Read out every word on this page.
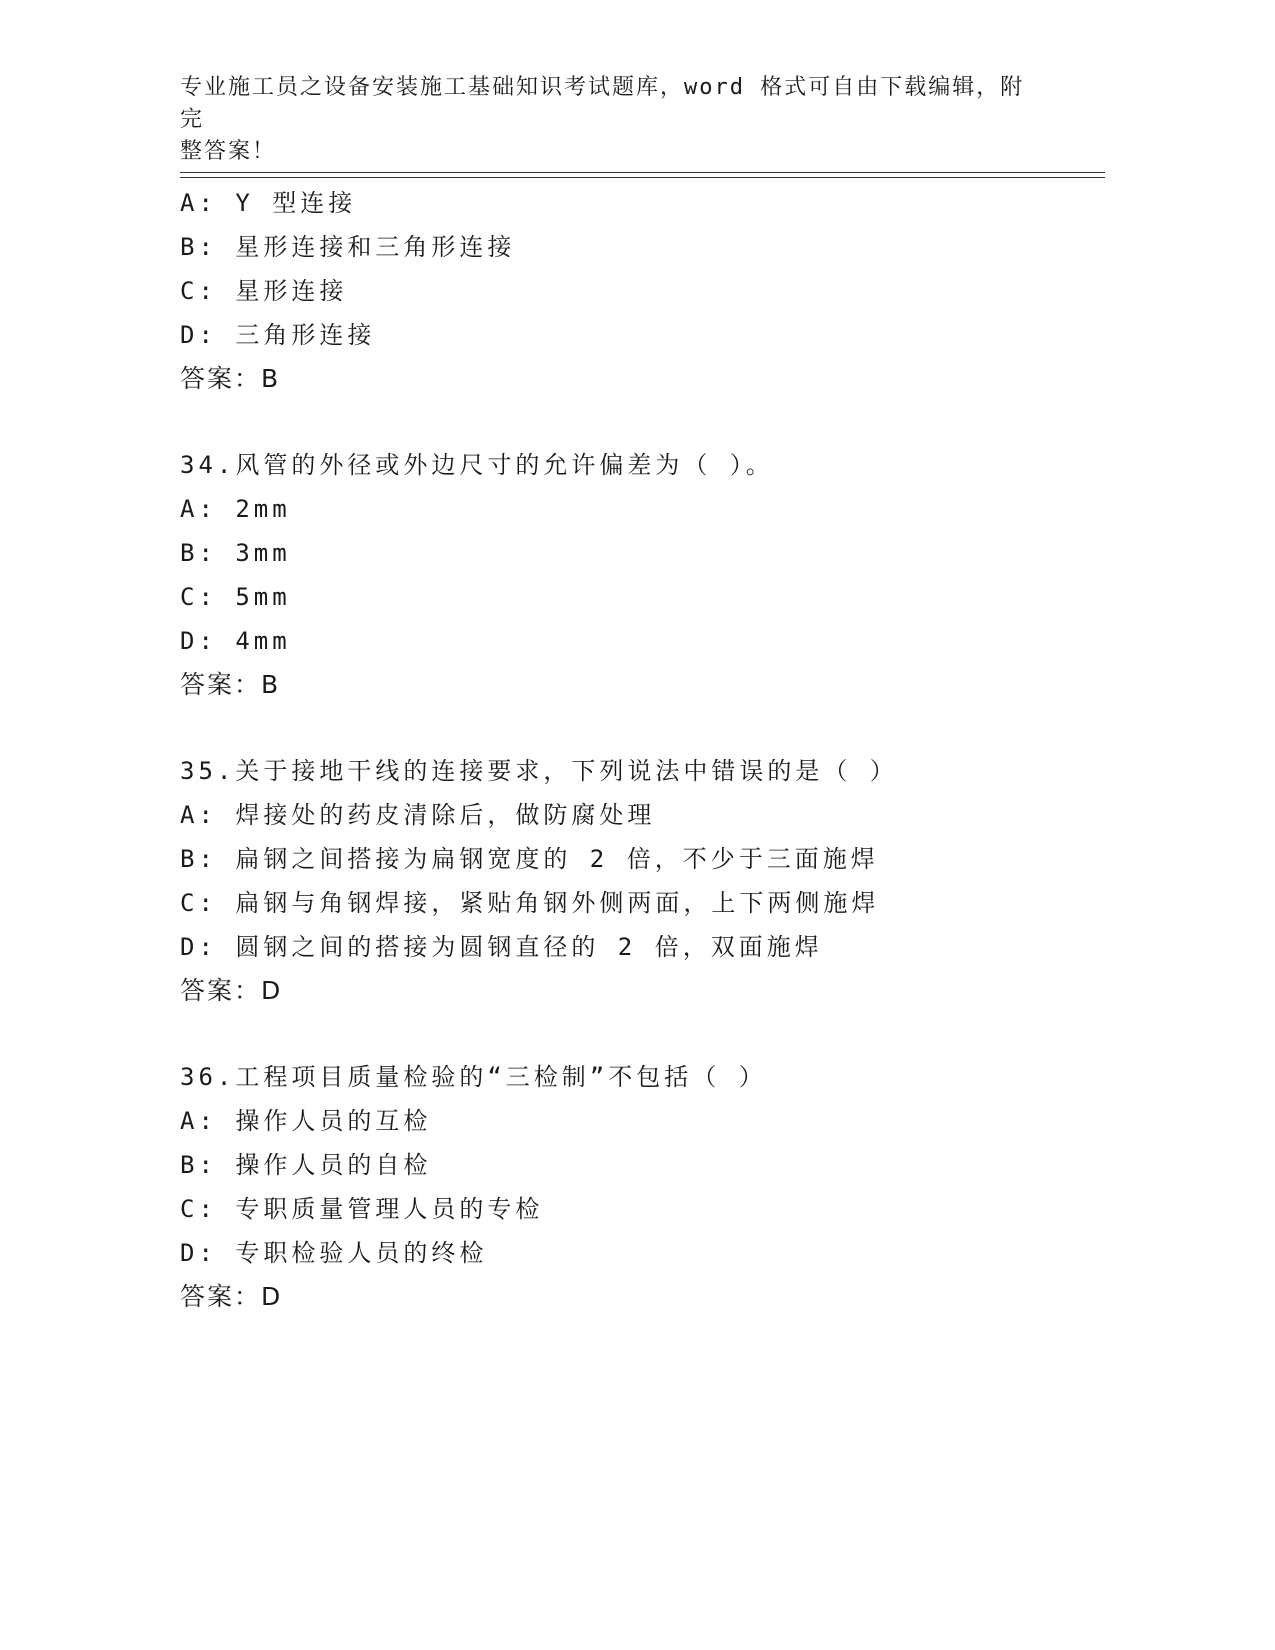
专业施工员之设备安装施工基础知识考试题库，word 格式可自由下载编辑，附完
整答案！
A: Y 型连接
B: 星形连接和三角形连接
C: 星形连接
D: 三角形连接
答案：B
34.风管的外径或外边尺寸的允许偏差为（ ）。
A: 2mm
B: 3mm
C: 5mm
D: 4mm
答案：B
35.关于接地干线的连接要求，下列说法中错误的是（ ）
A: 焊接处的药皮清除后，做防腐处理
B: 扁钢之间搭接为扁钢宽度的 2 倍，不少于三面施焊
C: 扁钢与角钢焊接，紧贴角钢外侧两面，上下两侧施焊
D: 圆钢之间的搭接为圆钢直径的 2 倍，双面施焊
答案：D
36.工程项目质量检验的“三检制”不包括（ ）
A: 操作人员的互检
B: 操作人员的自检
C: 专职质量管理人员的专检
D: 专职检验人员的终检
答案：D
